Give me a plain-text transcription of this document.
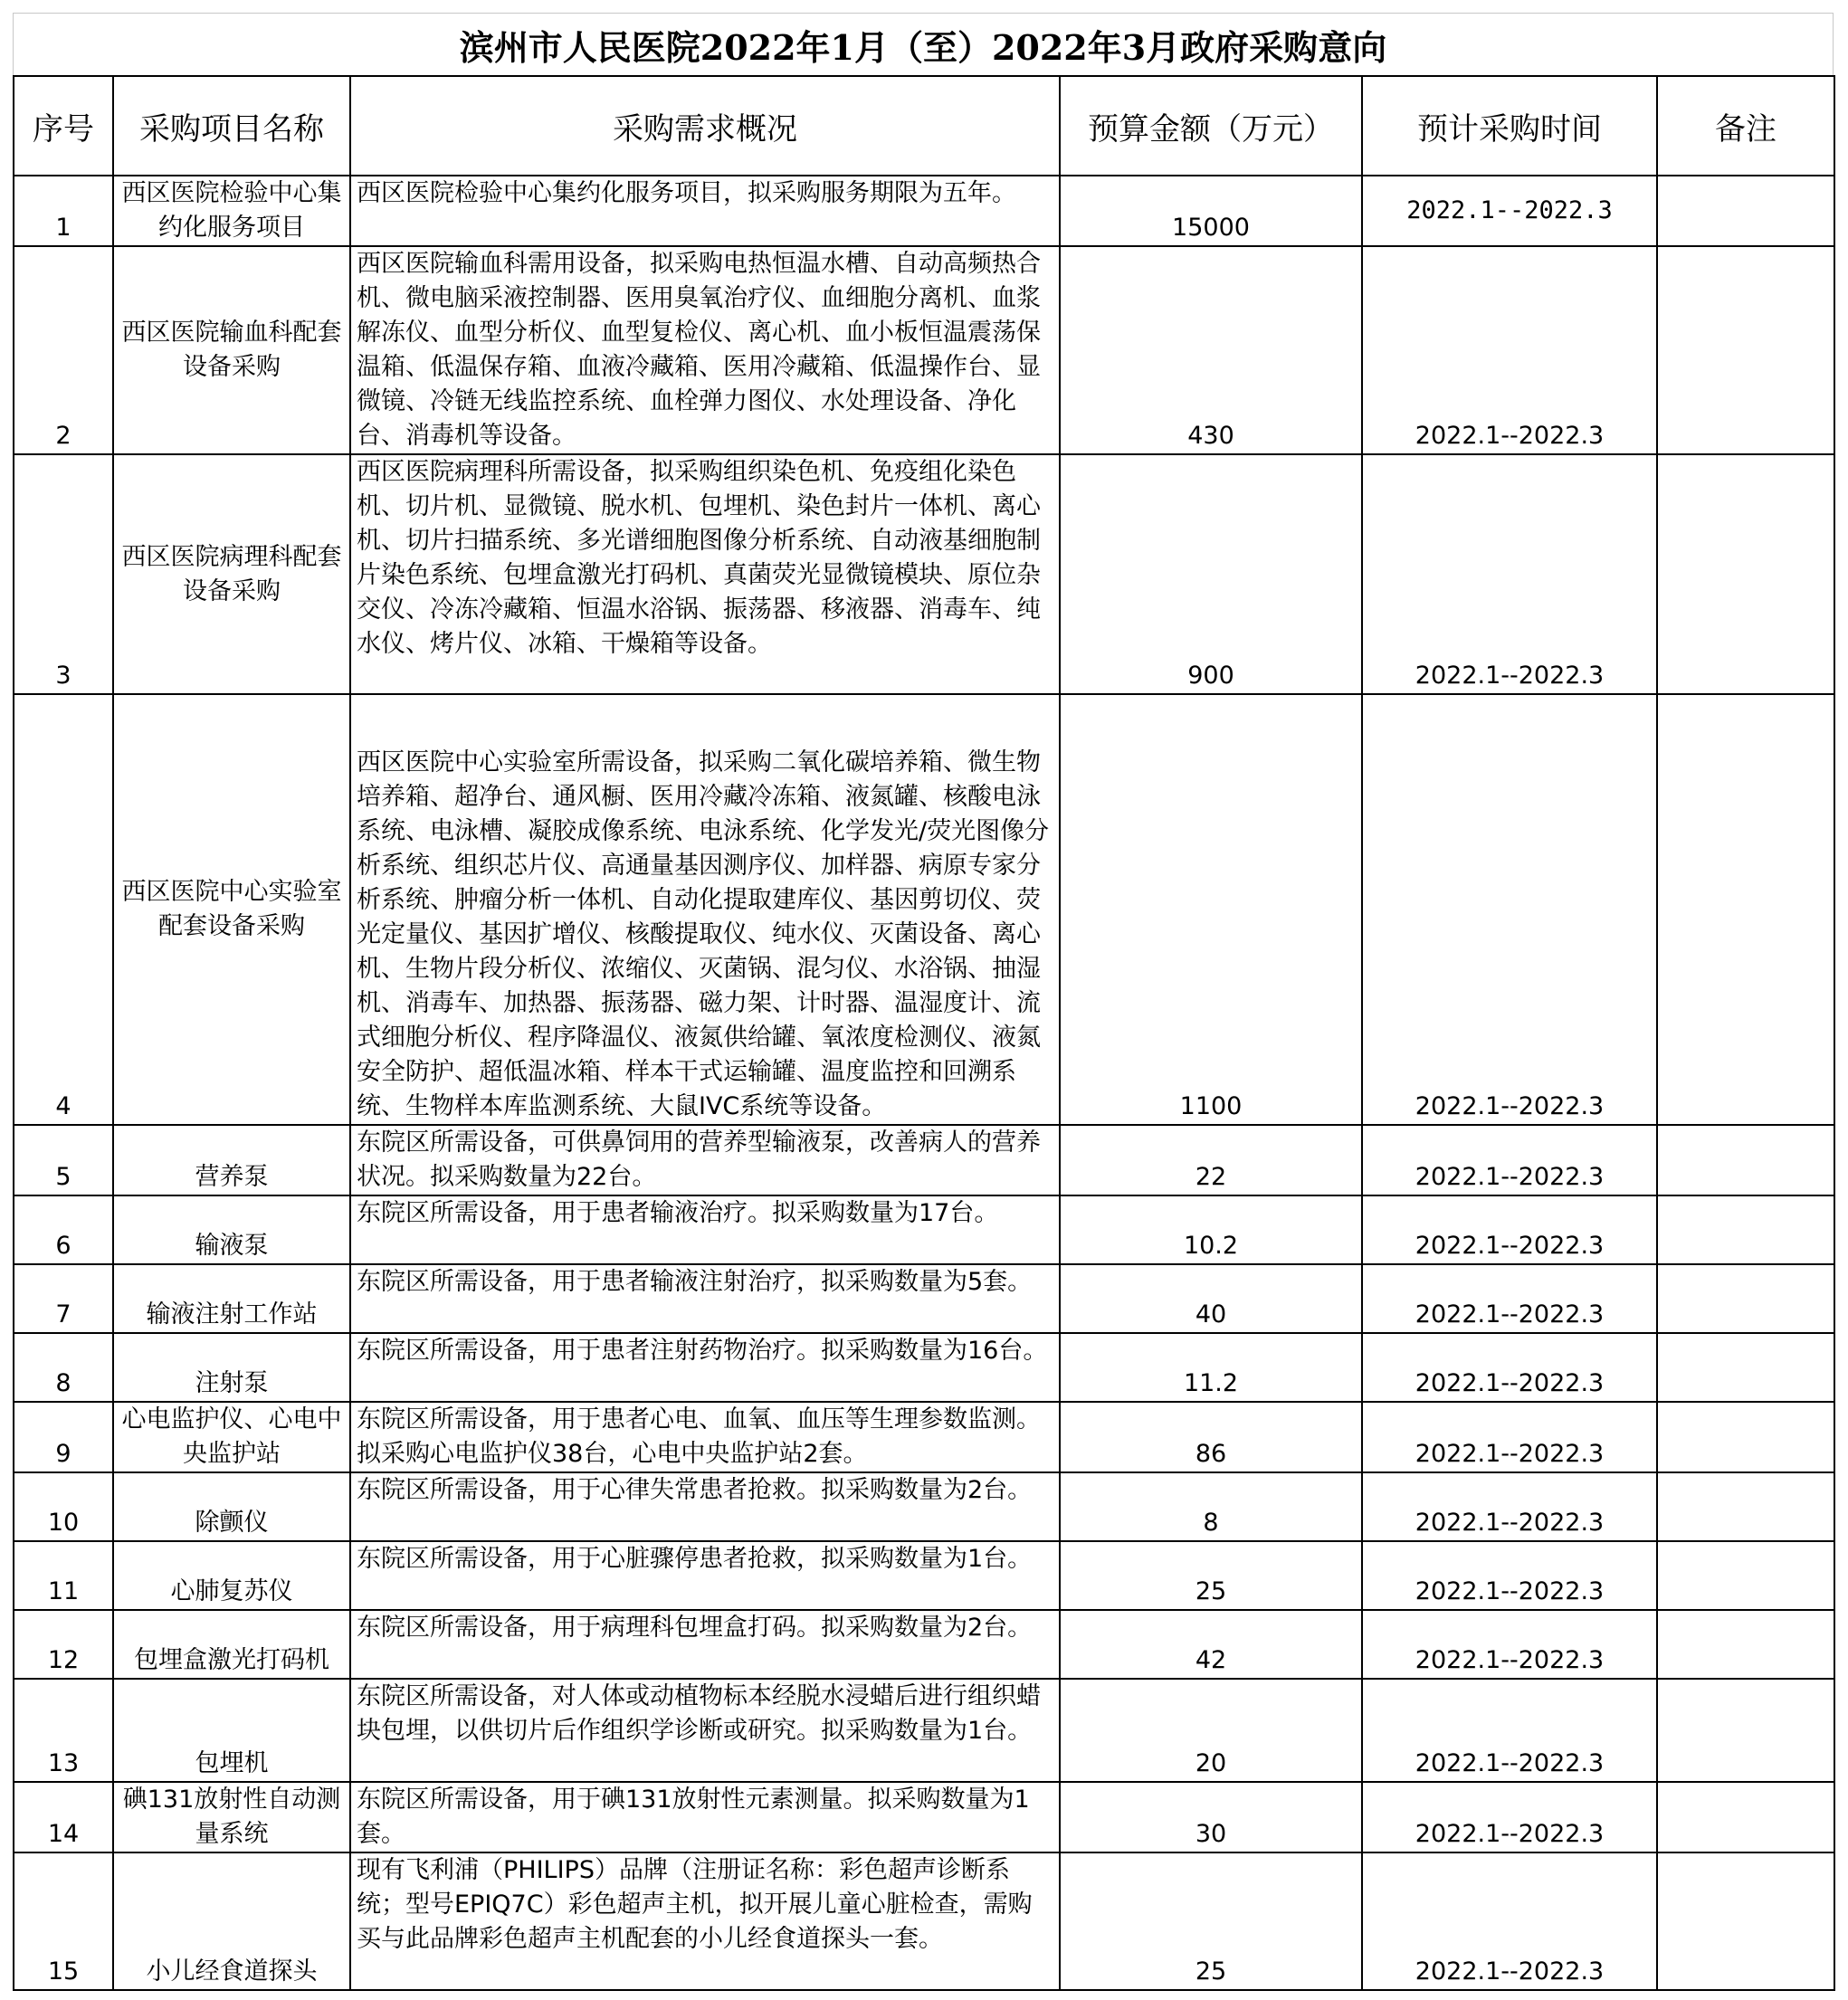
滨州市人民医院2022年1月（至）2022年3月政府采购意向
序号	采购项目名称	采购需求概况	预算金额（万元）	预计采购时间	备注
1	西区医院检验中心集约化服务项目	西区医院检验中心集约化服务项目，拟采购服务期限为五年。	15000	2022.1--2022.3	
2	西区医院输血科配套设备采购	西区医院输血科需用设备，拟采购电热恒温水槽、自动高频热合机、微电脑采液控制器、医用臭氧治疗仪、血细胞分离机、血浆解冻仪、血型分析仪、血型复检仪、离心机、血小板恒温震荡保温箱、低温保存箱、血液冷藏箱、医用冷藏箱、低温操作台、显微镜、冷链无线监控系统、血栓弹力图仪、水处理设备、净化台、消毒机等设备。	430	2022.1--2022.3	
3	西区医院病理科配套设备采购	西区医院病理科所需设备，拟采购组织染色机、免疫组化染色机、切片机、显微镜、脱水机、包埋机、染色封片一体机、离心机、切片扫描系统、多光谱细胞图像分析系统、自动液基细胞制片染色系统、包埋盒激光打码机、真菌荧光显微镜模块、原位杂交仪、冷冻冷藏箱、恒温水浴锅、振荡器、移液器、消毒车、纯水仪、烤片仪、冰箱、干燥箱等设备。	900	2022.1--2022.3	
4	西区医院中心实验室配套设备采购	西区医院中心实验室所需设备，拟采购二氧化碳培养箱、微生物培养箱、超净台、通风橱、医用冷藏冷冻箱、液氮罐、核酸电泳系统、电泳槽、凝胶成像系统、电泳系统、化学发光/荧光图像分析系统、组织芯片仪、高通量基因测序仪、加样器、病原专家分析系统、肿瘤分析一体机、自动化提取建库仪、基因剪切仪、荧光定量仪、基因扩增仪、核酸提取仪、纯水仪、灭菌设备、离心机、生物片段分析仪、浓缩仪、灭菌锅、混匀仪、水浴锅、抽湿机、消毒车、加热器、振荡器、磁力架、计时器、温湿度计、流式细胞分析仪、程序降温仪、液氮供给罐、氧浓度检测仪、液氮安全防护、超低温冰箱、样本干式运输罐、温度监控和回溯系统、生物样本库监测系统、大鼠IVC系统等设备。	1100	2022.1--2022.3	
5	营养泵	东院区所需设备，可供鼻饲用的营养型输液泵，改善病人的营养状况。拟采购数量为22台。	22	2022.1--2022.3	
6	输液泵	东院区所需设备，用于患者输液治疗。拟采购数量为17台。	10.2	2022.1--2022.3	
7	输液注射工作站	东院区所需设备，用于患者输液注射治疗，拟采购数量为5套。	40	2022.1--2022.3	
8	注射泵	东院区所需设备，用于患者注射药物治疗。拟采购数量为16台。	11.2	2022.1--2022.3	
9	心电监护仪、心电中央监护站	东院区所需设备，用于患者心电、血氧、血压等生理参数监测。拟采购心电监护仪38台，心电中央监护站2套。	86	2022.1--2022.3	
10	除颤仪	东院区所需设备，用于心律失常患者抢救。拟采购数量为2台。	8	2022.1--2022.3	
11	心肺复苏仪	东院区所需设备，用于心脏骤停患者抢救，拟采购数量为1台。	25	2022.1--2022.3	
12	包埋盒激光打码机	东院区所需设备，用于病理科包埋盒打码。拟采购数量为2台。	42	2022.1--2022.3	
13	包埋机	东院区所需设备，对人体或动植物标本经脱水浸蜡后进行组织蜡块包埋，以供切片后作组织学诊断或研究。拟采购数量为1台。	20	2022.1--2022.3	
14	碘131放射性自动测量系统	东院区所需设备，用于碘131放射性元素测量。拟采购数量为1套。	30	2022.1--2022.3	
15	小儿经食道探头	现有飞利浦（PHILIPS）品牌（注册证名称：彩色超声诊断系统；型号EPIQ7C）彩色超声主机，拟开展儿童心脏检查，需购买与此品牌彩色超声主机配套的小儿经食道探头一套。	25	2022.1--2022.3	
